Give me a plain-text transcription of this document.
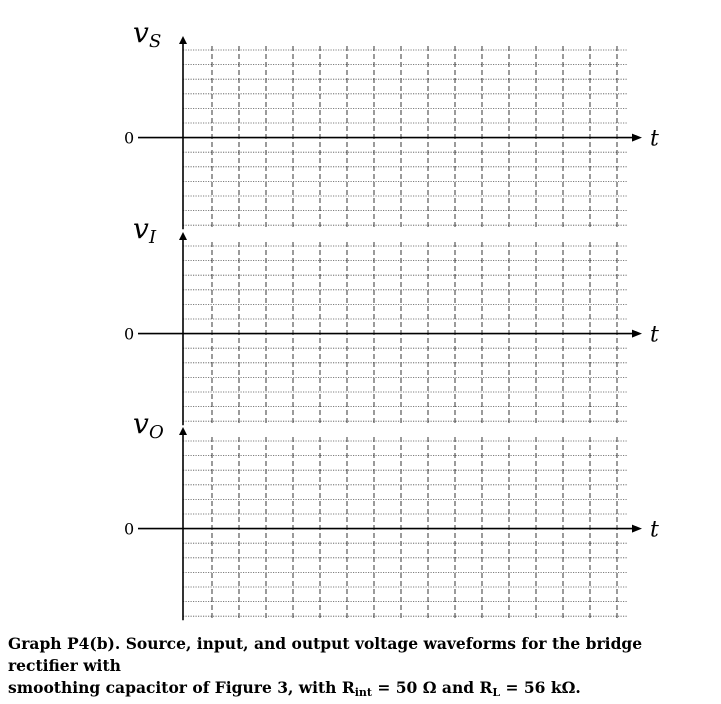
0	t
v S
0	t
v I
0	t
v O
Graph P4(b). Source, input, and output voltage waveforms for the bridge rectifier with
smoothing capacitor of Figure 3, with $R_{int} = 50$ Ω and $R_L = 56$ kΩ.
